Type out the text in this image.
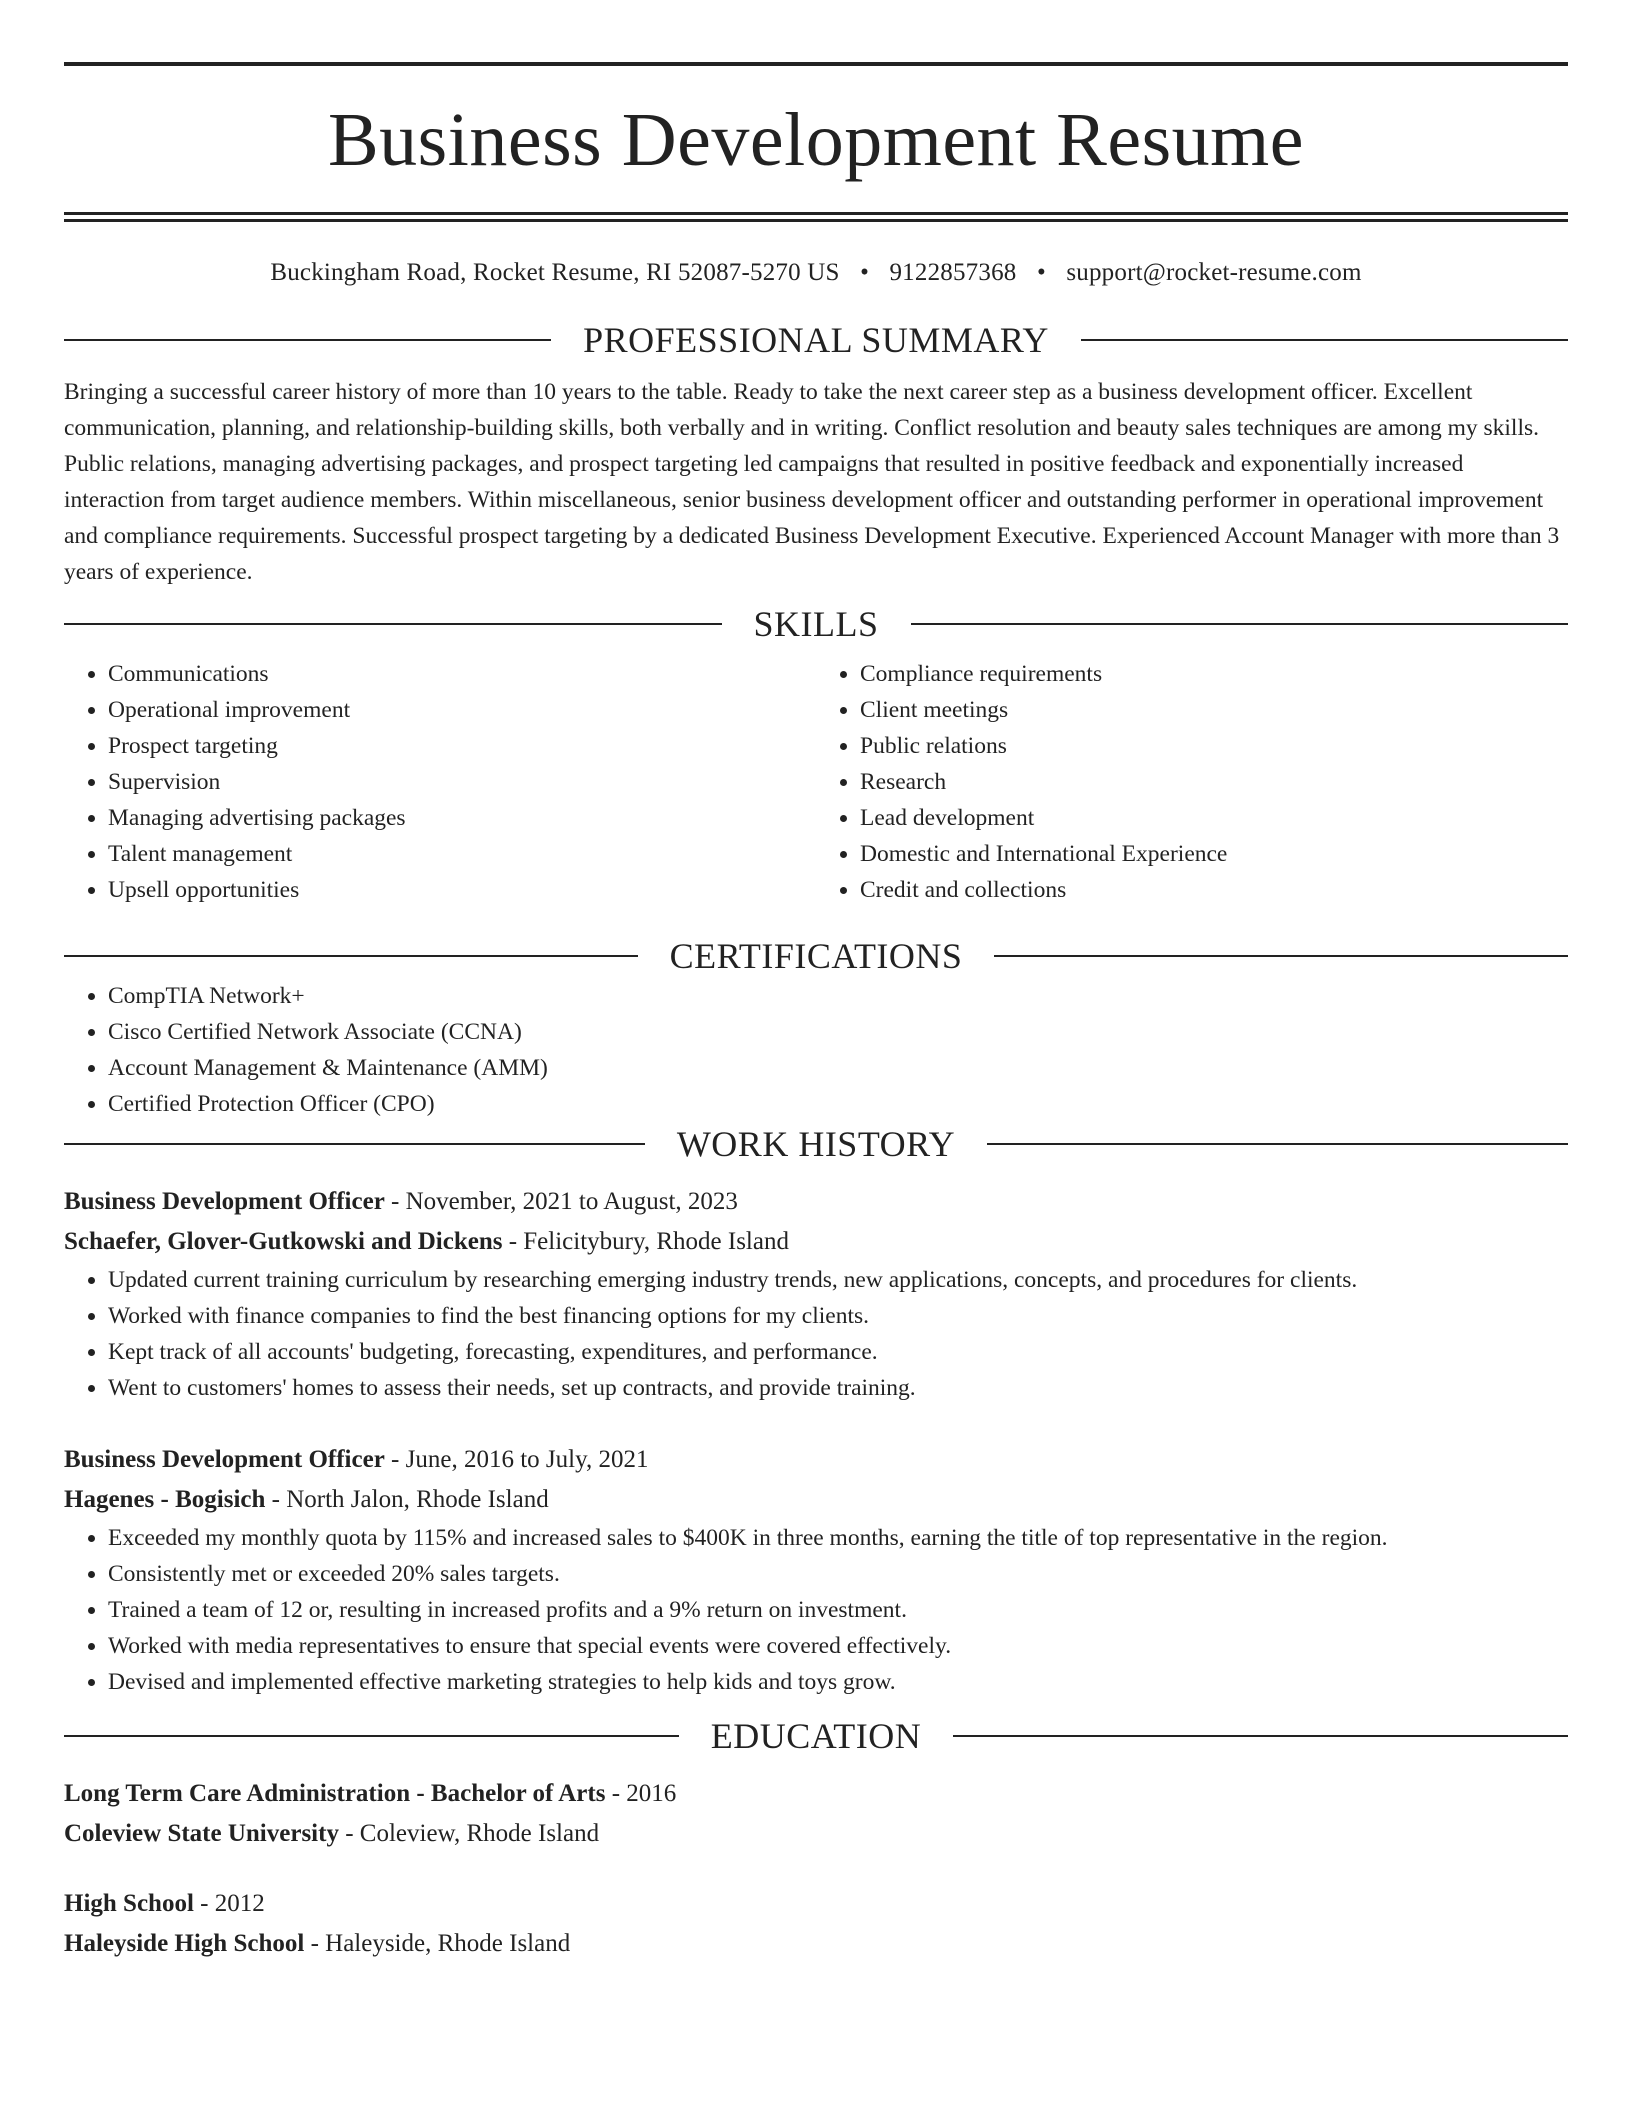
Business Development Resume
Buckingham Road, Rocket Resume, RI 52087-5270 US • 9122857368 • support@rocket-resume.com
PROFESSIONAL SUMMARY

Bringing a successful career history of more than 10 years to the table. Ready to take the next career step as a business development officer. Excellent communication, planning, and relationship-building skills, both verbally and in writing. Conflict resolution and beauty sales techniques are among my skills. Public relations, managing advertising packages, and prospect targeting led campaigns that resulted in positive feedback and exponentially increased interaction from target audience members. Within miscellaneous, senior business development officer and outstanding performer in operational improvement and compliance requirements. Successful prospect targeting by a dedicated Business Development Executive. Experienced Account Manager with more than 3 years of experience.

SKILLS
• Communications
• Operational improvement
• Prospect targeting
• Supervision
• Managing advertising packages
• Talent management
• Upsell opportunities
• Compliance requirements
• Client meetings
• Public relations
• Research
• Lead development
• Domestic and International Experience
• Credit and collections
CERTIFICATIONS
• CompTIA Network+
• Cisco Certified Network Associate (CCNA)
• Account Management & Maintenance (AMM)
• Certified Protection Officer (CPO)
WORK HISTORY
Business Development Officer - November, 2021 to August, 2023
Schaefer, Glover-Gutkowski and Dickens - Felicitybury, Rhode Island
• Updated current training curriculum by researching emerging industry trends, new applications, concepts, and procedures for clients.
• Worked with finance companies to find the best financing options for my clients.
• Kept track of all accounts' budgeting, forecasting, expenditures, and performance.
• Went to customers' homes to assess their needs, set up contracts, and provide training.
Business Development Officer - June, 2016 to July, 2021
Hagenes - Bogisich - North Jalon, Rhode Island
• Exceeded my monthly quota by 115% and increased sales to $400K in three months, earning the title of top representative in the region.
• Consistently met or exceeded 20% sales targets.
• Trained a team of 12 or, resulting in increased profits and a 9% return on investment.
• Worked with media representatives to ensure that special events were covered effectively.
• Devised and implemented effective marketing strategies to help kids and toys grow.
EDUCATION
Long Term Care Administration - Bachelor of Arts - 2016
Coleview State University - Coleview, Rhode Island
High School - 2012
Haleyside High School - Haleyside, Rhode Island
